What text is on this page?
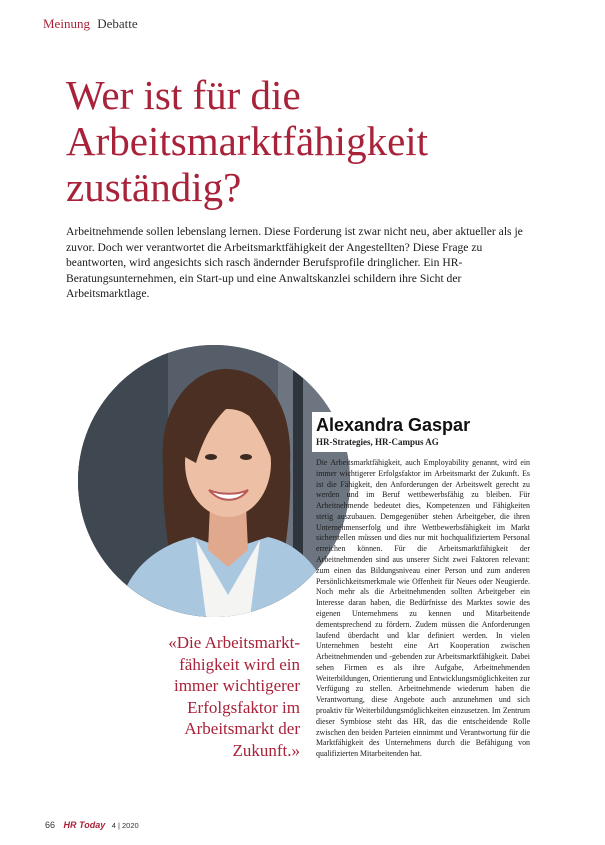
Meinung Debatte
Wer ist für die
Arbeitsmarktfähigkeit
zuständig?

Arbeitnehmende sollen lebenslang lernen. Diese Forderung ist zwar nicht neu, aber aktueller als je zuvor. Doch wer verantwortet die Arbeitsmarktfähigkeit der Angestellten? Diese Frage zu beantworten, wird angesichts sich rasch ändernder Berufsprofile dringlicher. Ein HR-Beratungsunternehmen, ein Start-up und eine Anwaltskanzlei schildern ihre Sicht der Arbeitsmarktlage.

Alexandra Gaspar
HR-Strategies, HR-Campus AG

Die Arbeitsmarktfähigkeit, auch Employability genannt, wird ein immer wichtigerer Erfolgsfaktor im Arbeitsmarkt der Zukunft. Es ist die Fähigkeit, den Anforderungen der Arbeitswelt gerecht zu werden und im Beruf wettbewerbsfähig zu bleiben. Für Arbeitnehmende bedeutet dies, Kompetenzen und Fähigkeiten stetig auszubauen. Demgegenüber stehen Arbeitgeber, die ihren Unternehmenserfolg und ihre Wettbewerbsfähigkeit im Markt sicherstellen müssen und dies nur mit hochqualifiziertem Personal erreichen können. Für die Arbeitsmarktfähigkeit der Arbeitnehmenden sind aus unserer Sicht zwei Faktoren relevant: zum einen das Bildungsniveau einer Person und zum anderen Persönlichkeitsmerkmale wie Offenheit für Neues oder Neugierde. Noch mehr als die Arbeitnehmenden sollten Arbeitgeber ein Interesse daran haben, die Bedürfnisse des Marktes sowie des eigenen Unternehmens zu kennen und Mitarbeitende dementsprechend zu fördern. Zudem müssen die Anforderungen laufend überdacht und klar definiert werden. In vielen Unternehmen besteht eine Art Kooperation zwischen Arbeitnehmenden und -gebenden zur Arbeitsmarktfähigkeit. Dabei sehen Firmen es als ihre Aufgabe, Arbeitnehmenden Weiterbildungen, Orientierung und Entwicklungsmöglichkeiten zur Verfügung zu stellen. Arbeitnehmende wiederum haben die Verantwortung, diese Angebote auch anzunehmen und sich proaktiv für Weiterbildungsmöglichkeiten einzusetzen. Im Zentrum dieser Symbiose steht das HR, das die entscheidende Rolle zwischen den beiden Parteien einnimmt und Verantwortung für die Marktfähigkeit des Unternehmens durch die Befähigung von qualifizierten Mitarbeitenden hat.

«Die Arbeitsmarkt-
fähigkeit wird ein
immer wichtigerer
Erfolgsfaktor im
Arbeitsmarkt der
Zukunft.»

66 HR Today 4 | 2020
